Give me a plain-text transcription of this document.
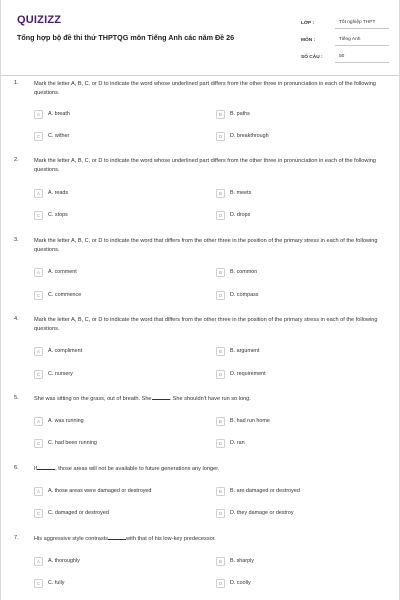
QUIZIZZ
Tổng hợp bộ đề thi thử THPTQG môn Tiếng Anh các năm Đề 26
LỚP :	Tốt nghiệp THPT
MÔN :	Tiếng Anh
SỐ CÂU :	50
1.	Mark the letter A, B, C, or D to indicate the word whose underlined part differs from the other three in pronunciation in each of the following questions.
A	A. breath	B	B. paths
C	C. wither	D	D. breakthrough
2.	Mark the letter A, B, C, or D to indicate the word whose underlined part differs from the other three in pronunciation in each of the following questions.
A	A. reads	B	B. meets
C	C. stops	D	D. drops
3.	Mark the letter A, B, C, or D to indicate the word that differs from the other three in the position of the primary stress in each of the following questions.
A	A. comment	B	B. common
C	C. commence	D	D. compass
4.	Mark the letter A, B, C, or D to indicate the word that differs from the other three in the position of the primary stress in each of the following questions.
A	A. compliment	B	B. argument
C	C. nursery	D	D. requirement
5.	She was sitting on the grass, out of breath. She	. She shouldn't have run so long.
A	A. was running	B	B. had run home
C	C. had been running	D	D. ran
6.	If	, those areas will not be available to future generations any longer.
A	A. those areas were damaged or destroyed	B	B. are damaged or destroyed
C	C. damaged or destroyed	D	D. they damage or destroy
7.	His aggressive style contrasts	with that of his low-key predecessor.
A	A. thoroughly	B	B. sharply
C	C. fully	D	D. coolly
